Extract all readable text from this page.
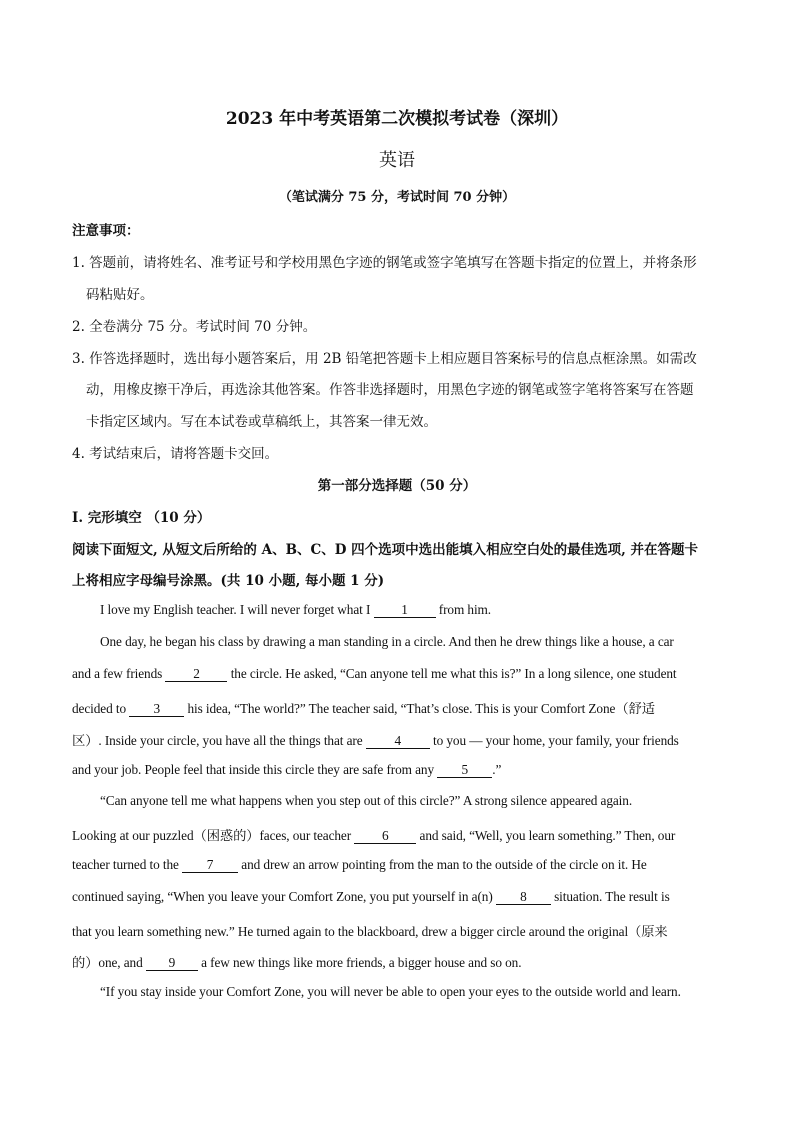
2023 年中考英语第二次模拟考试卷（深圳）
英语
（笔试满分 75 分，考试时间 70 分钟）
注意事项：
1. 答题前，请将姓名、准考证号和学校用黑色字迹的钢笔或签字笔填写在答题卡指定的位置上，并将条形
码粘贴好。
2. 全卷满分 75 分。考试时间 70 分钟。
3. 作答选择题时，选出每小题答案后，用 2B 铅笔把答题卡上相应题目答案标号的信息点框涂黑。如需改
动，用橡皮擦干净后，再选涂其他答案。作答非选择题时，用黑色字迹的钢笔或签字笔将答案写在答题
卡指定区域内。写在本试卷或草稿纸上，其答案一律无效。
4. 考试结束后，请将答题卡交回。
第一部分选择题（50 分）
I. 完形填空 （10 分）
阅读下面短文, 从短文后所给的 A、B、C、D 四个选项中选出能填入相应空白处的最佳选项, 并在答题卡
上将相应字母编号涂黑。(共 10 小题, 每小题 1 分)
I love my English teacher. I will never forget what I 1 from him.
One day, he began his class by drawing a man standing in a circle. And then he drew things like a house, a car
and a few friends 2 the circle. He asked, “Can anyone tell me what this is?” In a long silence, one student
decided to 3 his idea, “The world?” The teacher said, “That’s close. This is your Comfort Zone（舒适
区）. Inside your circle, you have all the things that are 4 to you — your home, your family, your friends
and your job. People feel that inside this circle they are safe from any 5 .”
“Can anyone tell me what happens when you step out of this circle?” A strong silence appeared again.
Looking at our puzzled（困惑的）faces, our teacher 6 and said, “Well, you learn something.” Then, our
teacher turned to the 7 and drew an arrow pointing from the man to the outside of the circle on it. He
continued saying, “When you leave your Comfort Zone, you put yourself in a(n) 8 situation. The result is
that you learn something new.” He turned again to the blackboard, drew a bigger circle around the original（原来
的）one, and 9 a few new things like more friends, a bigger house and so on.
“If you stay inside your Comfort Zone, you will never be able to open your eyes to the outside world and learn.
